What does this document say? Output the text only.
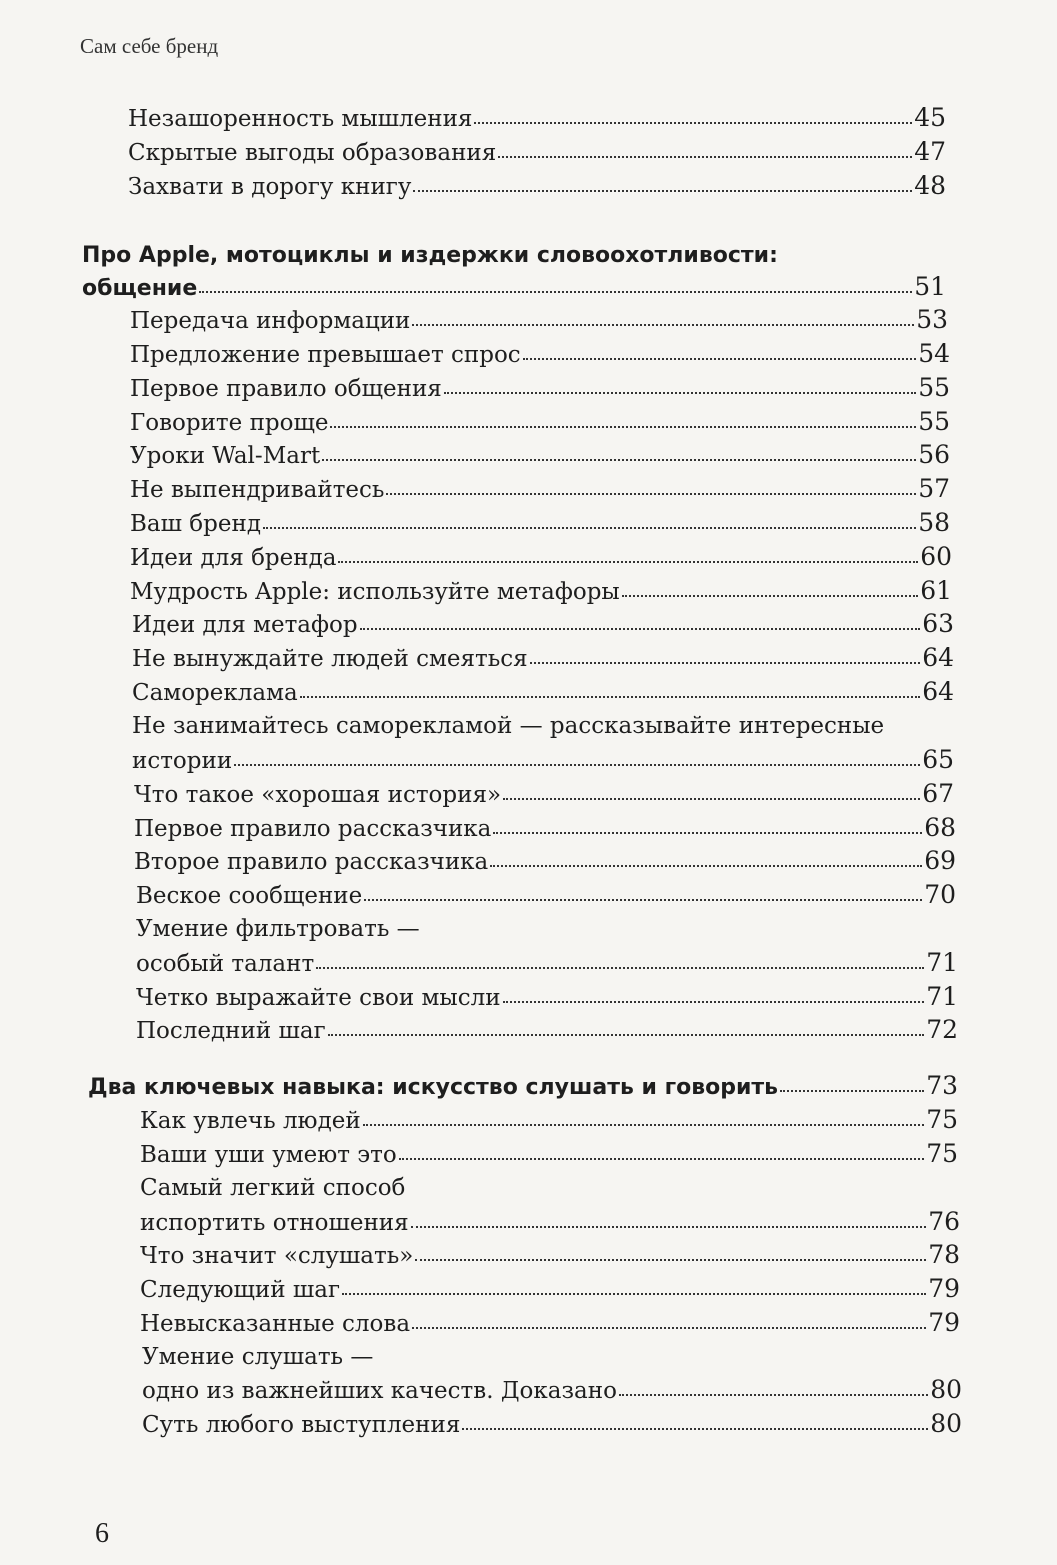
Сам себе бренд
Незашоренность мышления	45
Скрытые выгоды образования	47
Захвати в дорогу книгу	48
Про Apple, мотоциклы и издержки словоохотливости:
общение	51
Передача информации	53
Предложение превышает спрос	54
Первое правило общения	55
Говорите проще	55
Уроки Wal-Mart	56
Не выпендривайтесь	57
Ваш бренд	58
Идеи для бренда	60
Мудрость Apple: используйте метафоры	61
Идеи для метафор	63
Не вынуждайте людей смеяться	64
Самореклама	64
Не занимайтесь саморекламой — рассказывайте интересные
истории	65
Что такое «хорошая история»	67
Первое правило рассказчика	68
Второе правило рассказчика	69
Веское сообщение	70
Умение фильтровать —
особый талант	71
Четко выражайте свои мысли	71
Последний шаг	72
Два ключевых навыка: искусство слушать и говорить	73
Как увлечь людей	75
Ваши уши умеют это	75
Самый легкий способ
испортить отношения	76
Что значит «слушать»	78
Следующий шаг	79
Невысказанные слова	79
Умение слушать —
одно из важнейших качеств. Доказано	80
Суть любого выступления	80
6
